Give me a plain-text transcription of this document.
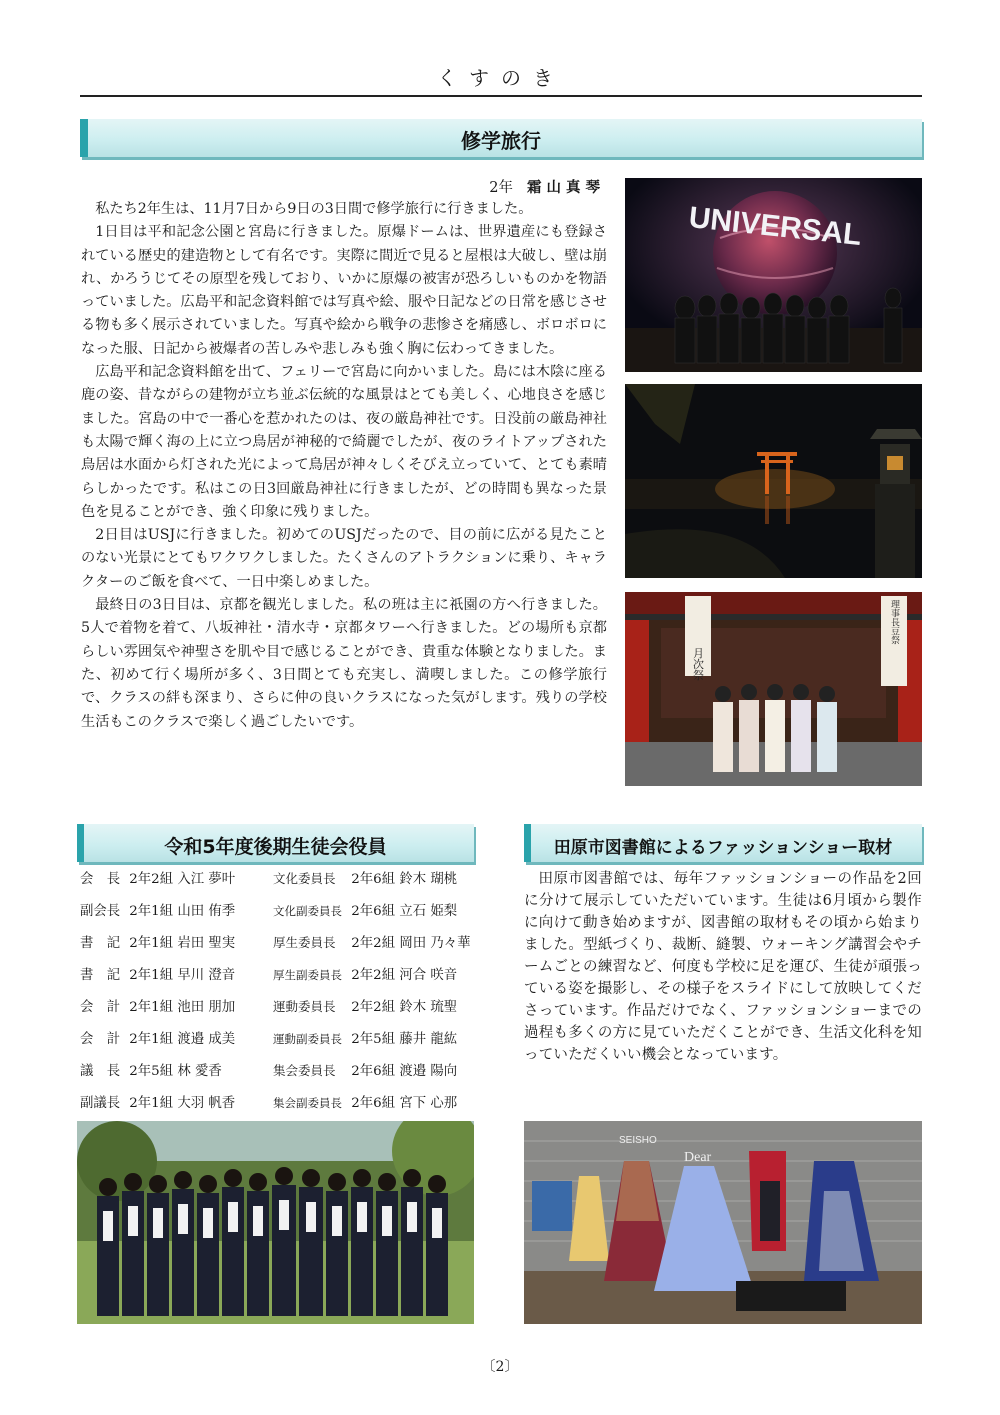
くすのき
修学旅行
2年 霜山真琴

私たち2年生は、11月7日から9日の3日間で修学旅行に行きました。

1日目は平和記念公園と宮島に行きました。原爆ドームは、世界遺産にも登録されている歴史的建造物として有名です。実際に間近で見ると屋根は大破し、壁は崩れ、かろうじてその原型を残しており、いかに原爆の被害が恐ろしいものかを物語っていました。広島平和記念資料館では写真や絵、服や日記などの日常を感じさせる物も多く展示されていました。写真や絵から戦争の悲惨さを痛感し、ボロボロになった服、日記から被爆者の苦しみや悲しみも強く胸に伝わってきました。

広島平和記念資料館を出て、フェリーで宮島に向かいました。島には木陰に座る鹿の姿、昔ながらの建物が立ち並ぶ伝統的な風景はとても美しく、心地良さを感じました。宮島の中で一番心を惹かれたのは、夜の厳島神社です。日没前の厳島神社も太陽で輝く海の上に立つ鳥居が神秘的で綺麗でしたが、夜のライトアップされた鳥居は水面から灯された光によって鳥居が神々しくそびえ立っていて、とても素晴らしかったです。私はこの日3回厳島神社に行きましたが、どの時間も異なった景色を見ることができ、強く印象に残りました。

2日目はUSJに行きました。初めてのUSJだったので、目の前に広がる見たことのない光景にとてもワクワクしました。たくさんのアトラクションに乗り、キャラクターのご飯を食べて、一日中楽しめました。

最終日の3日目は、京都を観光しました。私の班は主に祇園の方へ行きました。5人で着物を着て、八坂神社・清水寺・京都タワーへ行きました。どの場所も京都らしい雰囲気や神聖さを肌や目で感じることができ、貴重な体験となりました。また、初めて行く場所が多く、3日間とても充実し、満喫しました。この修学旅行で、クラスの絆も深まり、さらに仲の良いクラスになった気がします。残りの学校生活もこのクラスで楽しく過ごしたいです。

UNIVERSAL
月次祭
理事長豆祭
令和5年度後期生徒会役員
会　長 2年2組 入江 夢叶
副会長 2年1組 山田 侑季
書　記 2年1組 岩田 聖実
書　記 2年1組 早川 澄音
会　計 2年1組 池田 朋加
会　計 2年1組 渡邉 成美
議　長 2年5組 林 愛香
副議長 2年1組 大羽 帆香
文化委員長 2年6組 鈴木 瑚桃
文化副委員長 2年6組 立石 姫梨
厚生委員長 2年2組 岡田 乃々華
厚生副委員長 2年2組 河合 咲音
運動委員長 2年2組 鈴木 琉聖
運動副委員長 2年5組 藤井 龍紘
集会委員長 2年6組 渡邉 陽向
集会副委員長 2年6組 宮下 心那
田原市図書館によるファッションショー取材

田原市図書館では、毎年ファッションショーの作品を2回に分けて展示していただいています。生徒は6月頃から製作に向けて動き始めますが、図書館の取材もその頃から始まりました。型紙づくり、裁断、縫製、ウォーキング講習会やチームごとの練習など、何度も学校に足を運び、生徒が頑張っている姿を撮影し、その様子をスライドにして放映してくださっています。作品だけでなく、ファッションショーまでの過程も多くの方に見ていただくことができ、生活文化科を知っていただくいい機会となっています。

SEISHO
Dear
〔2〕
